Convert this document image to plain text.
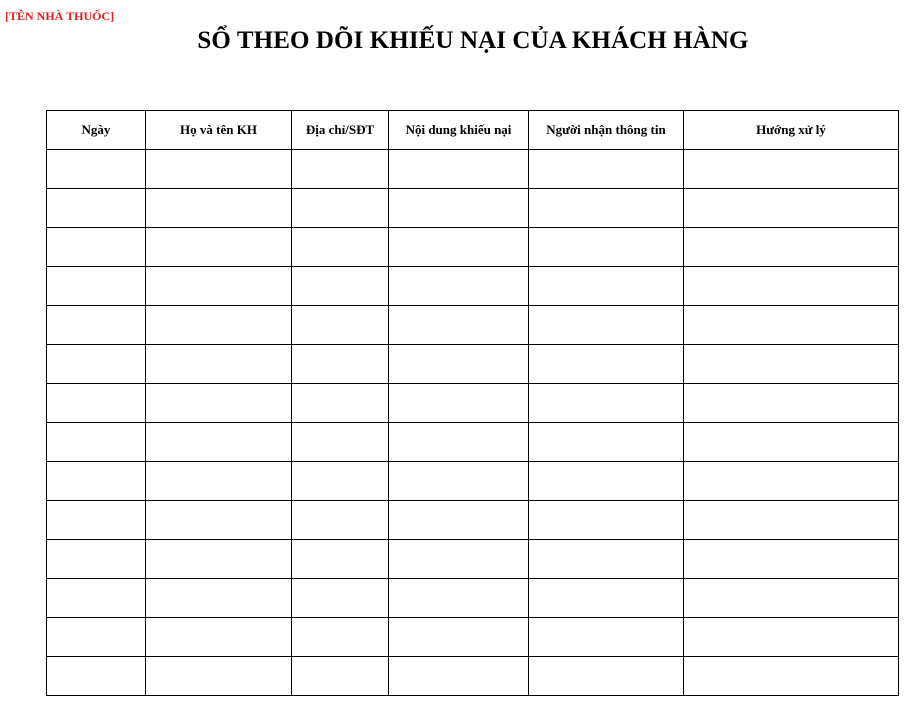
[TÊN NHÀ THUỐC]
SỔ THEO DÕI KHIẾU NẠI CỦA KHÁCH HÀNG
Ngày	Họ và tên KH	Địa chỉ/SĐT	Nội dung khiếu nại	Người nhận thông tin	Hướng xử lý
